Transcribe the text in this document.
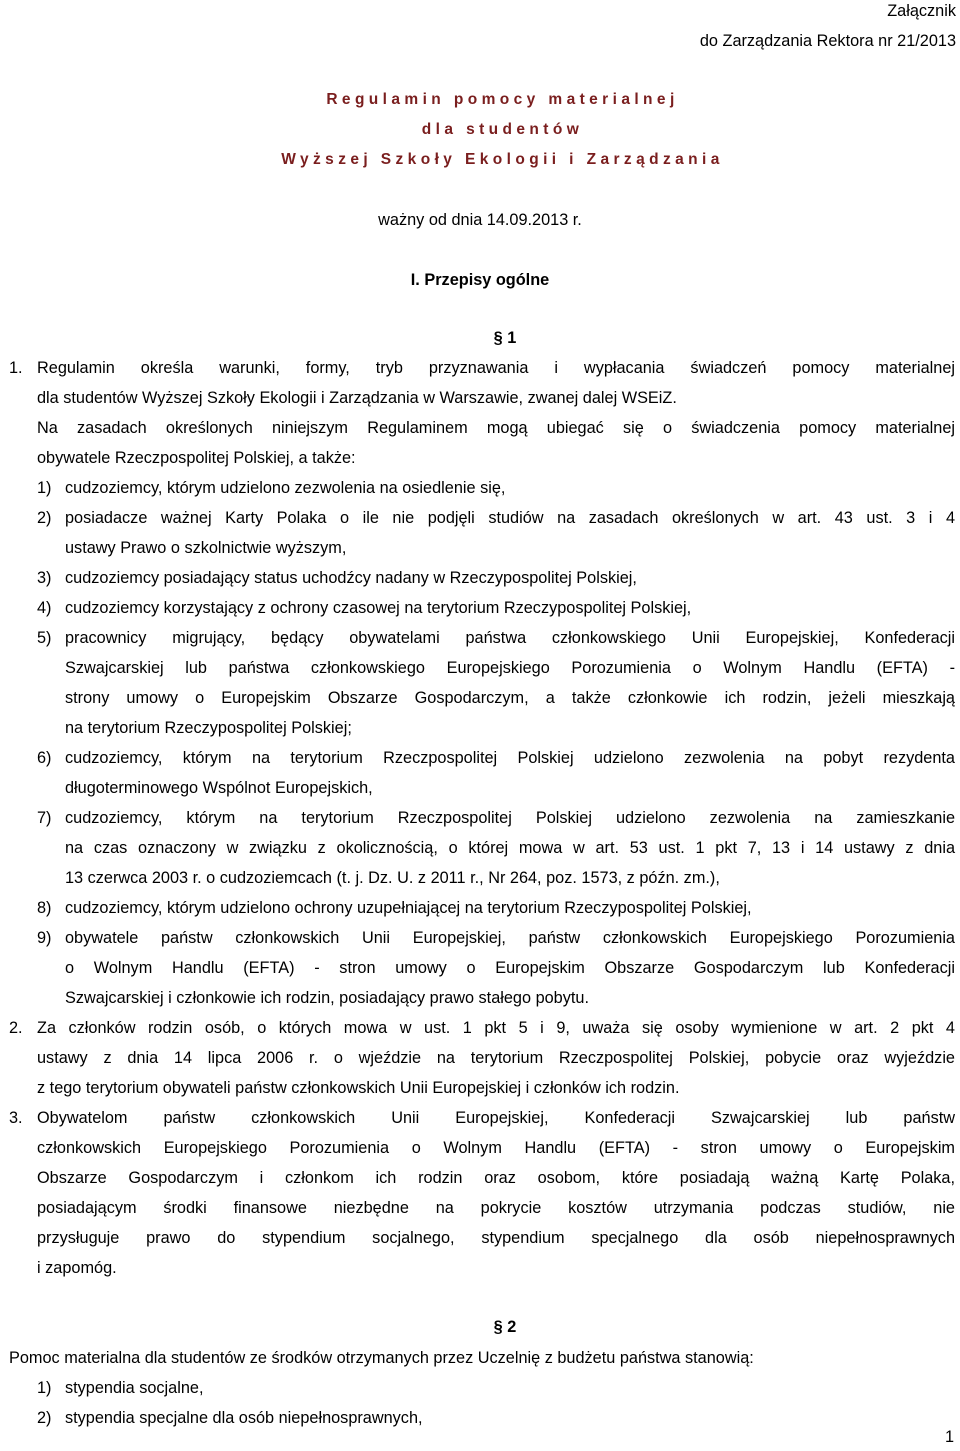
Załącznik
do Zarządzania Rektora nr 21/2013
Regulamin pomocy materialnej
dla studentów
Wyższej Szkoły Ekologii i Zarządzania
ważny od dnia 14.09.2013 r.
I. Przepisy ogólne
§ 1
1. Regulamin określa warunki, formy, tryb przyznawania i wypłacania świadczeń pomocy materialnej
dla studentów Wyższej Szkoły Ekologii i Zarządzania w Warszawie, zwanej dalej WSEiZ.
Na zasadach określonych niniejszym Regulaminem mogą ubiegać się o świadczenia pomocy materialnej
obywatele Rzeczpospolitej Polskiej, a także:
1) cudzoziemcy, którym udzielono zezwolenia na osiedlenie się,
2) posiadacze ważnej Karty Polaka o ile nie podjęli studiów na zasadach określonych w art. 43 ust. 3 i 4
ustawy Prawo o szkolnictwie wyższym,
3) cudzoziemcy posiadający status uchodźcy nadany w Rzeczypospolitej Polskiej,
4) cudzoziemcy korzystający z ochrony czasowej na terytorium Rzeczypospolitej Polskiej,
5) pracownicy migrujący, będący obywatelami państwa członkowskiego Unii Europejskiej, Konfederacji
Szwajcarskiej lub państwa członkowskiego Europejskiego Porozumienia o Wolnym Handlu (EFTA) -
strony umowy o Europejskim Obszarze Gospodarczym, a także członkowie ich rodzin, jeżeli mieszkają
na terytorium Rzeczypospolitej Polskiej;
6) cudzoziemcy, którym na terytorium Rzeczpospolitej Polskiej udzielono zezwolenia na pobyt rezydenta
długoterminowego Wspólnot Europejskich,
7) cudzoziemcy, którym na terytorium Rzeczpospolitej Polskiej udzielono zezwolenia na zamieszkanie
na czas oznaczony w związku z okolicznością, o której mowa w art. 53 ust. 1 pkt 7, 13 i 14 ustawy z dnia
13 czerwca 2003 r. o cudzoziemcach (t. j. Dz. U. z 2011 r., Nr 264, poz. 1573, z późn. zm.),
8) cudzoziemcy, którym udzielono ochrony uzupełniającej na terytorium Rzeczypospolitej Polskiej,
9) obywatele państw członkowskich Unii Europejskiej, państw członkowskich Europejskiego Porozumienia
o Wolnym Handlu (EFTA) - stron umowy o Europejskim Obszarze Gospodarczym lub Konfederacji
Szwajcarskiej i członkowie ich rodzin, posiadający prawo stałego pobytu.
2. Za członków rodzin osób, o których mowa w ust. 1 pkt 5 i 9, uważa się osoby wymienione w art. 2 pkt 4
ustawy z dnia 14 lipca 2006 r. o wjeździe na terytorium Rzeczpospolitej Polskiej, pobycie oraz wyjeździe
z tego terytorium obywateli państw członkowskich Unii Europejskiej i członków ich rodzin.
3. Obywatelom państw członkowskich Unii Europejskiej, Konfederacji Szwajcarskiej lub państw
członkowskich Europejskiego Porozumienia o Wolnym Handlu (EFTA) - stron umowy o Europejskim
Obszarze Gospodarczym i członkom ich rodzin oraz osobom, które posiadają ważną Kartę Polaka,
posiadającym środki finansowe niezbędne na pokrycie kosztów utrzymania podczas studiów, nie
przysługuje prawo do stypendium socjalnego, stypendium specjalnego dla osób niepełnosprawnych
i zapomóg.
§ 2
Pomoc materialna dla studentów ze środków otrzymanych przez Uczelnię z budżetu państwa stanowią:
1) stypendia socjalne,
2) stypendia specjalne dla osób niepełnosprawnych,
1
